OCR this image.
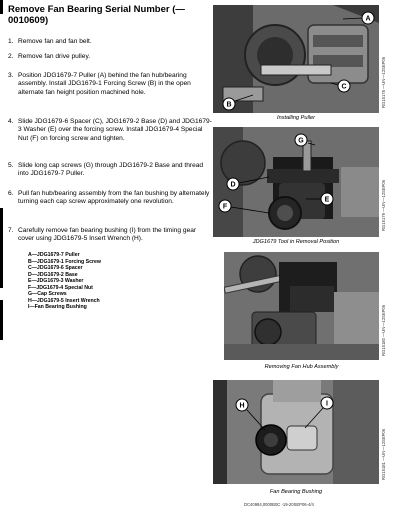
Remove Fan Bearing Serial Number (— 0010609)
1. Remove fan and fan belt.
2. Remove fan drive pulley.
3. Position JDG1679-7 Puller (A) behind the fan hub/bearing assembly. Install JDG1679-1 Forcing Screw (B) in the open alternate fan height position machined hole.
4. Slide JDG1679-6 Spacer (C), JDG1679-2 Base (D) and JDG1679-3 Washer (E) over the forcing screw. Install JDG1679-4 Special Nut (F) on forcing screw and tighten.
5. Slide long cap screws (G) through JDG1679-2 Base and thread into JDG1679-7 Puller.
6. Pull fan hub/bearing assembly from the fan bushing by alternately turning each cap screw approximately one revolution.
7. Carefully remove fan bearing bushing (I) from the timing gear cover using JDG1679-5 Insert Wrench (H).
A—JDG1679-7 Puller
B—JDG1679-1 Forcing Screw
C—JDG1679-6 Spacer
D—JDG1679-2 Base
E—JDG1679-3 Washer
F—JDG1679-4 Special Nut
G—Cap Screws
H—JDG1679-5 Insert Wrench
I—Fan Bearing Bushing
A
C
B
Installing Puller
RG15178 —UN—12SEP06
G
D
E
F
JDG1679 Tool in Removal Position
RG15179 —UN—12SEP06
Removing Fan Hub Assembly
RG15180 —UN—12SEP06
H	I
Fan Bearing Bushing
RG15181 —UN—12SEP06
DC40984,0000B0C -19-20SEP06-4/4
